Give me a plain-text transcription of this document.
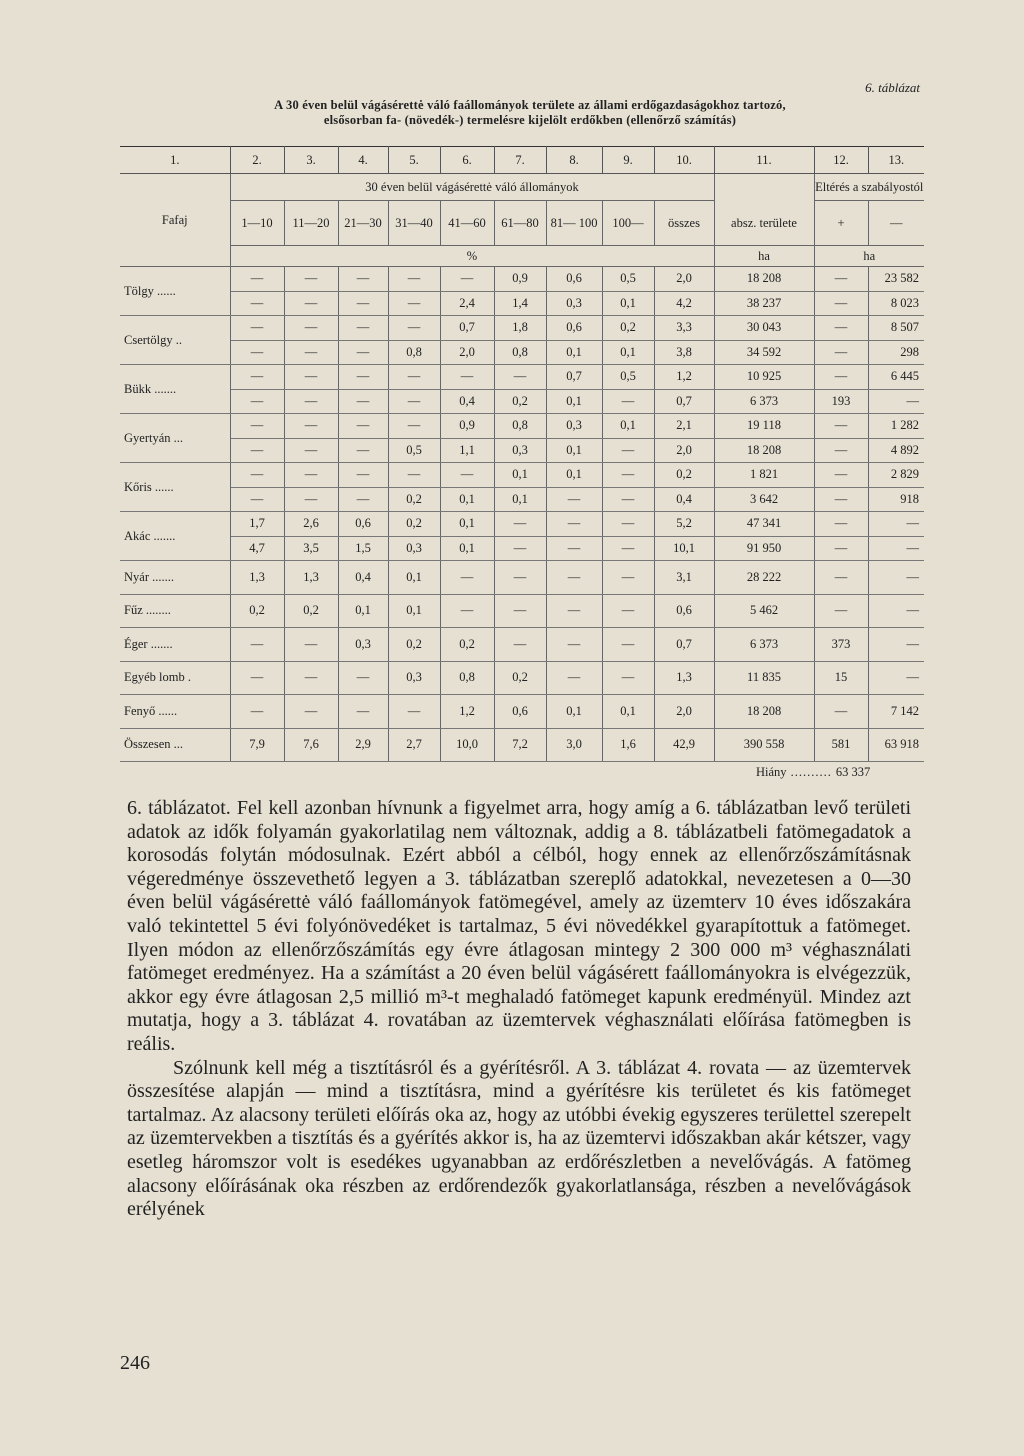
6. táblázat
A 30 éven belül vágásérettė váló faállományok területe az állami erdőgazdaságokhoz tartozó,
elsősorban fa- (növedék-) termelésre kijelölt erdőkben (ellenőrző számítás)
1.	2.	3.	4.	5.	6.	7.	8.	9.	10.	11.	12.	13.
Fafaj	30 éven belül vágásérettė váló állományok										Eltérés a szabályostól	
	1—10	11—20	21—30	31—40	41—60	61—80	81— 100	100—	összes	absz. területe	+	—
	%									ha	ha	
Tölgy ......	—	—	—	—	—	0,9	0,6	0,5	2,0	18 208	—	23 582
	—	—	—	—	2,4	1,4	0,3	0,1	4,2	38 237	—	8 023
Csertölgy ..	—	—	—	—	0,7	1,8	0,6	0,2	3,3	30 043	—	8 507
	—	—	—	0,8	2,0	0,8	0,1	0,1	3,8	34 592	—	298
Bükk .......	—	—	—	—	—	—	0,7	0,5	1,2	10 925	—	6 445
	—	—	—	—	0,4	0,2	0,1	—	0,7	6 373	193	—
Gyertyán ...	—	—	—	—	0,9	0,8	0,3	0,1	2,1	19 118	—	1 282
	—	—	—	0,5	1,1	0,3	0,1	—	2,0	18 208	—	4 892
Kőris ......	—	—	—	—	—	0,1	0,1	—	0,2	1 821	—	2 829
	—	—	—	0,2	0,1	0,1	—	—	0,4	3 642	—	918
Akác .......	1,7	2,6	0,6	0,2	0,1	—	—	—	5,2	47 341	—	—
	4,7	3,5	1,5	0,3	0,1	—	—	—	10,1	91 950	—	—
Nyár .......	1,3	1,3	0,4	0,1	—	—	—	—	3,1	28 222	—	—
Fűz ........	0,2	0,2	0,1	0,1	—	—	—	—	0,6	5 462	—	—
Éger .......	—	—	0,3	0,2	0,2	—	—	—	0,7	6 373	373	—
Egyéb lomb .	—	—	—	0,3	0,8	0,2	—	—	1,3	11 835	15	—
Fenyő ......	—	—	—	—	1,2	0,6	0,1	0,1	2,0	18 208	—	7 142
Összesen ...	7,9	7,6	2,9	2,7	10,0	7,2	3,0	1,6	42,9	390 558	581	63 918
Hiány .......... 63 337

6. táblázatot. Fel kell azonban hívnunk a figyelmet arra, hogy amíg a 6. táblázatban levő területi adatok az idők folyamán gyakorlatilag nem változnak, addig a 8. táblázatbeli fatömegadatok a korosodás folytán módosulnak. Ezért abból a célból, hogy ennek az ellenőrzőszámításnak végeredménye összevethető legyen a 3. táblázatban szereplő adatokkal, nevezetesen a 0—30 éven belül vágásérettė váló faállományok fatömegével, amely az üzemterv 10 éves időszakára való tekintettel 5 évi folyónövedéket is tartalmaz, 5 évi növedékkel gyarapítottuk a fatömeget. Ilyen módon az ellenőrzőszámítás egy évre átlagosan mintegy 2 300 000 m³ véghasználati fatömeget eredményez. Ha a számítást a 20 éven belül vágásérett faállományokra is elvégezzük, akkor egy évre átlagosan 2,5 millió m³-t meghaladó fatömeget kapunk eredményül. Mindez azt mutatja, hogy a 3. táblázat 4. rovatában az üzemtervek véghasználati előírása fatömegben is reális.

Szólnunk kell még a tisztításról és a gyérítésről. A 3. táblázat 4. rovata — az üzemtervek összesítése alapján — mind a tisztításra, mind a gyérítésre kis területet és kis fatömeget tartalmaz. Az alacsony területi előírás oka az, hogy az utóbbi évekig egyszeres területtel szerepelt az üzemtervekben a tisztítás és a gyérítés akkor is, ha az üzemtervi időszakban akár kétszer, vagy esetleg háromszor volt is esedékes ugyanabban az erdőrészletben a nevelővágás. A fatömeg alacsony előírásának oka részben az erdőrendezők gyakorlatlansága, részben a nevelővágások erélyének

246
